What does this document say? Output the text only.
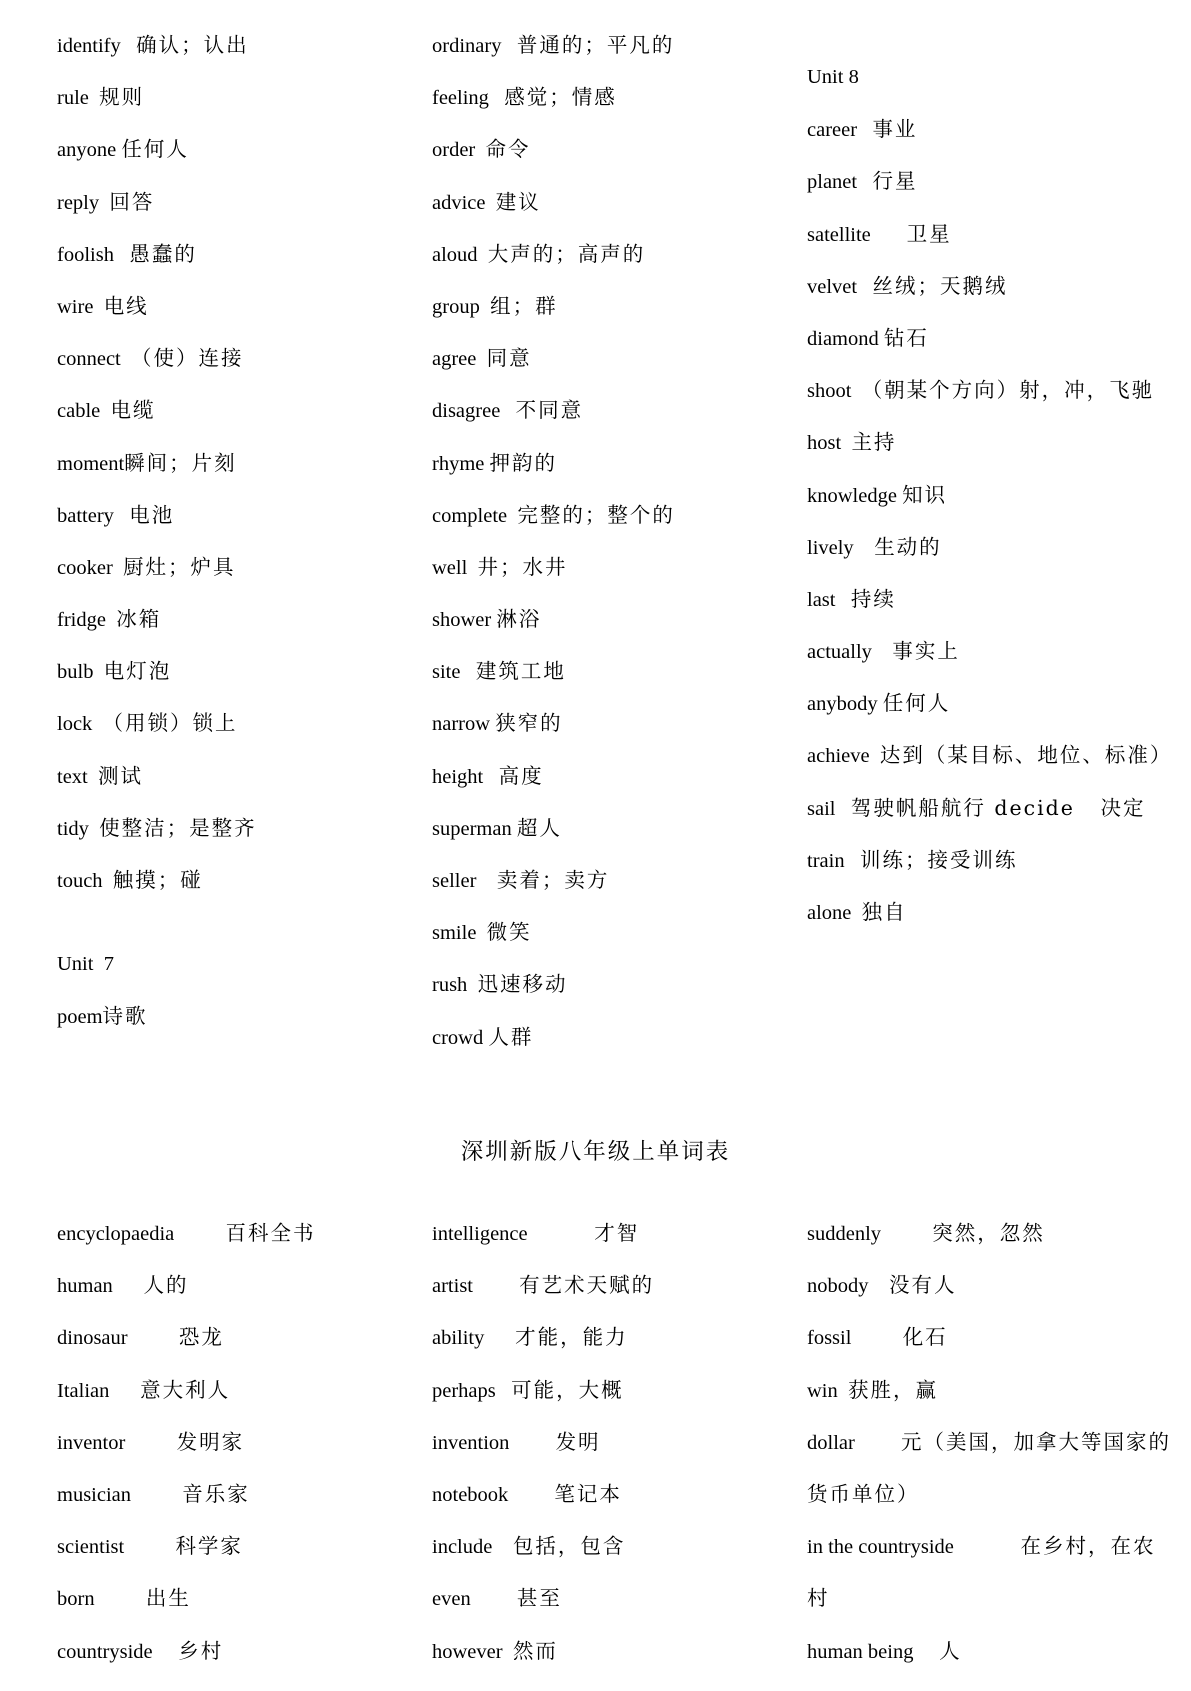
identify 确认；认出
rule 规则
anyone 任何人
reply 回答
foolish 愚蠢的
wire 电线
connect （使）连接
cable 电缆
moment瞬间；片刻
battery 电池
cooker 厨灶；炉具
fridge 冰箱
bulb 电灯泡
lock （用锁）锁上
text 测试
tidy 使整洁；是整齐
touch 触摸；碰
Unit  7
poem诗歌
ordinary 普通的；平凡的
feeling 感觉；情感
order 命令
advice 建议
aloud 大声的；高声的
group 组；群
agree 同意
disagree 不同意
rhyme 押韵的
complete 完整的；整个的
well 井；水井
shower 淋浴
site 建筑工地
narrow 狭窄的
height 高度
superman 超人
seller 卖着；卖方
smile 微笑
rush 迅速移动
crowd 人群
Unit 8
career 事业
planet 行星
satellite 卫星
velvet 丝绒；天鹅绒
diamond 钻石
shoot （朝某个方向）射，冲，飞驰
host 主持
knowledge 知识
lively 生动的
last 持续
actually 事实上
anybody 任何人
achieve 达到（某目标、地位、标准）
sail 驾驶帆船航行 decide   决定
train 训练；接受训练
alone 独自
深圳新版八年级上单词表
encyclopaedia	百科全书
human 人的
dinosaur	恐龙
Italian 意大利人
inventor	发明家
musician	音乐家
scientist	科学家
born	出生
countryside 乡村
intelligence	才智
artist 有艺术天赋的
ability 才能，能力
perhaps 可能，大概
invention 发明
notebook 笔记本
include 包括，包含
even 甚至
however 然而
suddenly	突然，忽然
nobody 没有人
fossil	化石
win 获胜，赢
dollar 元（美国，加拿大等国家的
货币单位）
in the countryside	在乡村，在农
村
human being 人
